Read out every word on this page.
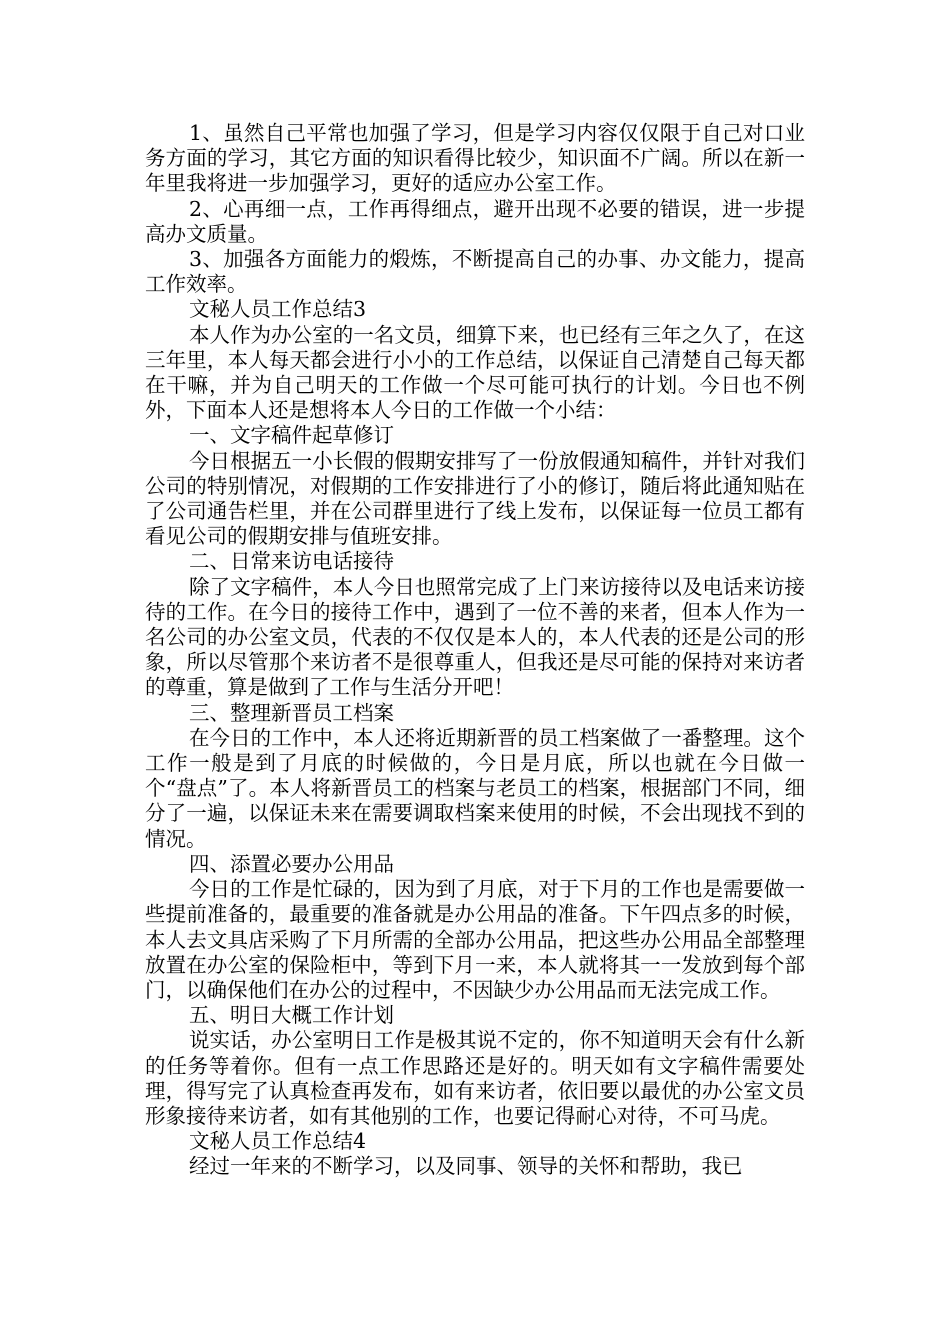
1、虽然自己平常也加强了学习，但是学习内容仅仅限于自己对口业务方面的学习，其它方面的知识看得比较少，知识面不广阔。所以在新一年里我将进一步加强学习，更好的适应办公室工作。

2、心再细一点，工作再得细点，避开出现不必要的错误，进一步提高办文质量。

3、加强各方面能力的煅炼，不断提高自己的办事、办文能力，提高工作效率。

文秘人员工作总结3

本人作为办公室的一名文员，细算下来，也已经有三年之久了，在这三年里，本人每天都会进行小小的工作总结，以保证自己清楚自己每天都在干嘛，并为自己明天的工作做一个尽可能可执行的计划。今日也不例外，下面本人还是想将本人今日的工作做一个小结：

一、文字稿件起草修订

今日根据五一小长假的假期安排写了一份放假通知稿件，并针对我们公司的特别情况，对假期的工作安排进行了小的修订，随后将此通知贴在了公司通告栏里，并在公司群里进行了线上发布，以保证每一位员工都有看见公司的假期安排与值班安排。

二、日常来访电话接待

除了文字稿件，本人今日也照常完成了上门来访接待以及电话来访接待的工作。在今日的接待工作中，遇到了一位不善的来者，但本人作为一名公司的办公室文员，代表的不仅仅是本人的，本人代表的还是公司的形象，所以尽管那个来访者不是很尊重人，但我还是尽可能的保持对来访者的尊重，算是做到了工作与生活分开吧！

三、整理新晋员工档案

在今日的工作中，本人还将近期新晋的员工档案做了一番整理。这个工作一般是到了月底的时候做的，今日是月底，所以也就在今日做一个“盘点”了。本人将新晋员工的档案与老员工的档案，根据部门不同，细分了一遍，以保证未来在需要调取档案来使用的时候，不会出现找不到的情况。

四、添置必要办公用品

今日的工作是忙碌的，因为到了月底，对于下月的工作也是需要做一些提前准备的，最重要的准备就是办公用品的准备。下午四点多的时候，本人去文具店采购了下月所需的全部办公用品，把这些办公用品全部整理放置在办公室的保险柜中，等到下月一来，本人就将其一一发放到每个部门，以确保他们在办公的过程中，不因缺少办公用品而无法完成工作。

五、明日大概工作计划

说实话，办公室明日工作是极其说不定的，你不知道明天会有什么新的任务等着你。但有一点工作思路还是好的。明天如有文字稿件需要处理，得写完了认真检查再发布，如有来访者，依旧要以最优的办公室文员形象接待来访者，如有其他别的工作，也要记得耐心对待，不可马虎。

文秘人员工作总结4

经过一年来的不断学习，以及同事、领导的关怀和帮助，我已
